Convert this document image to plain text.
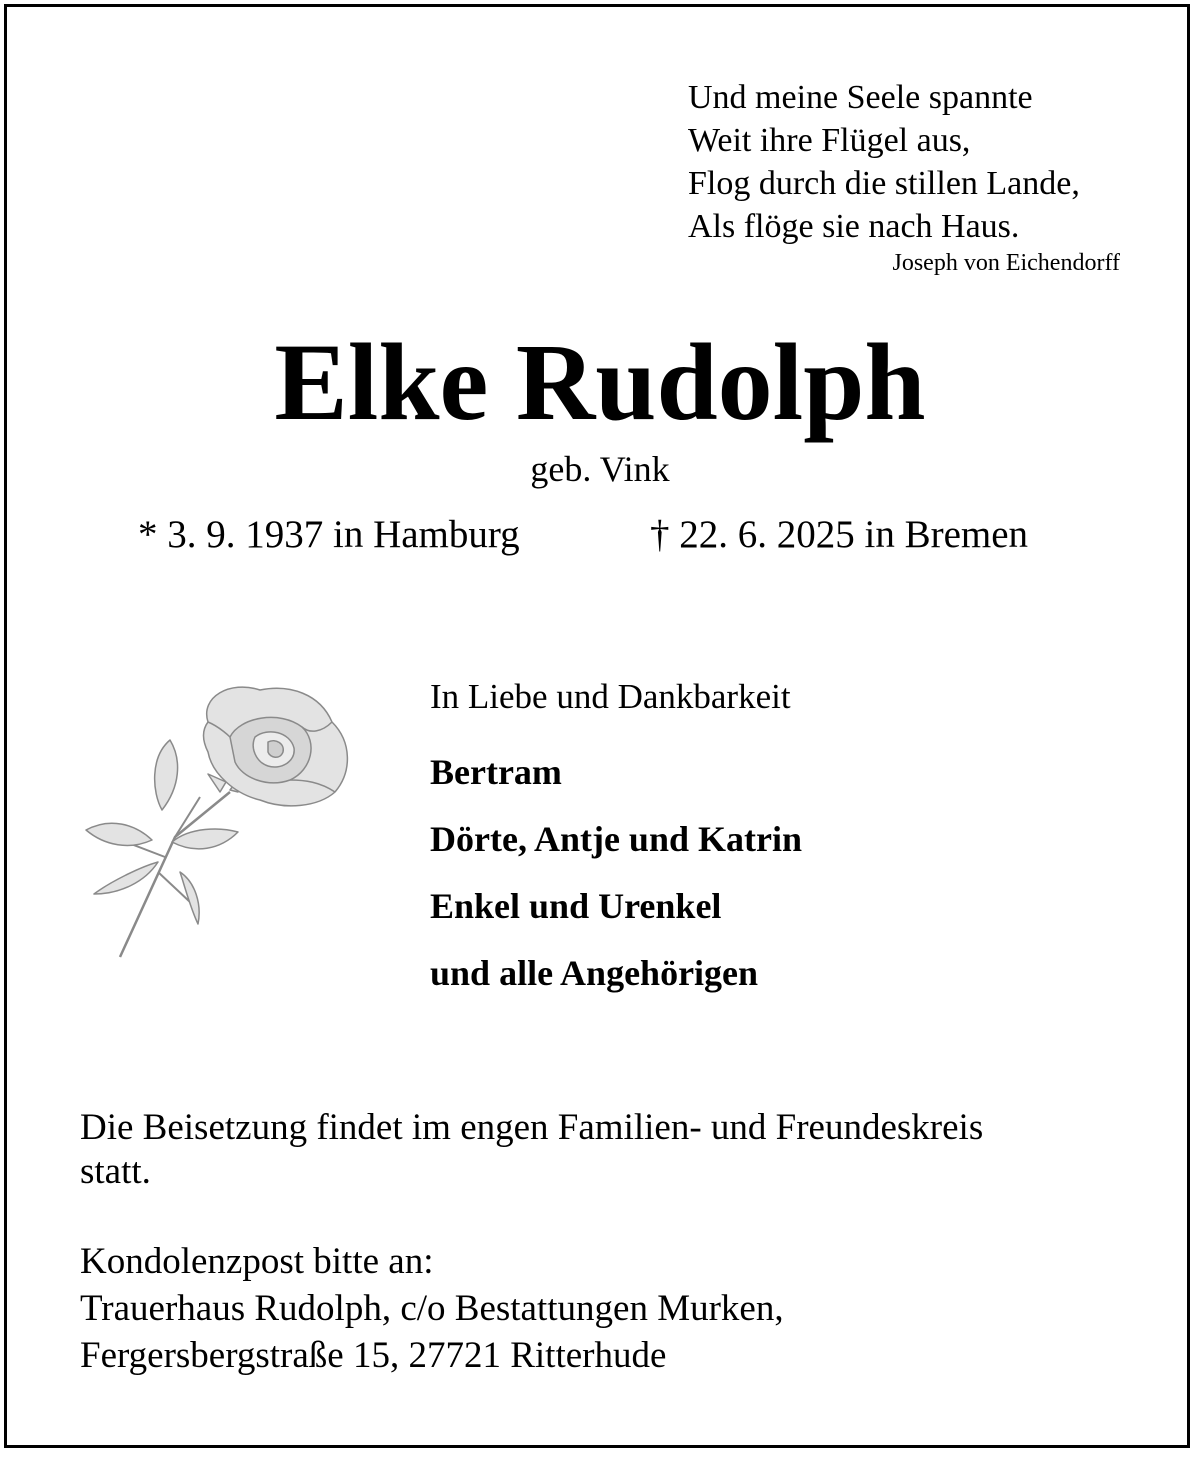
Und meine Seele spannte
Weit ihre Flügel aus,
Flog durch die stillen Lande,
Als flöge sie nach Haus.
Joseph von Eichendorff
Elke Rudolph
geb. Vink
* 3. 9. 1937 in Hamburg	† 22. 6. 2025 in Bremen
In Liebe und Dankbarkeit
Bertram
Dörte, Antje und Katrin
Enkel und Urenkel
und alle Angehörigen
Die Beisetzung findet im engen Familien- und Freundeskreis
statt.
Kondolenzpost bitte an:
Trauerhaus Rudolph, c/o Bestattungen Murken,
Fergersbergstraße 15, 27721 Ritterhude
